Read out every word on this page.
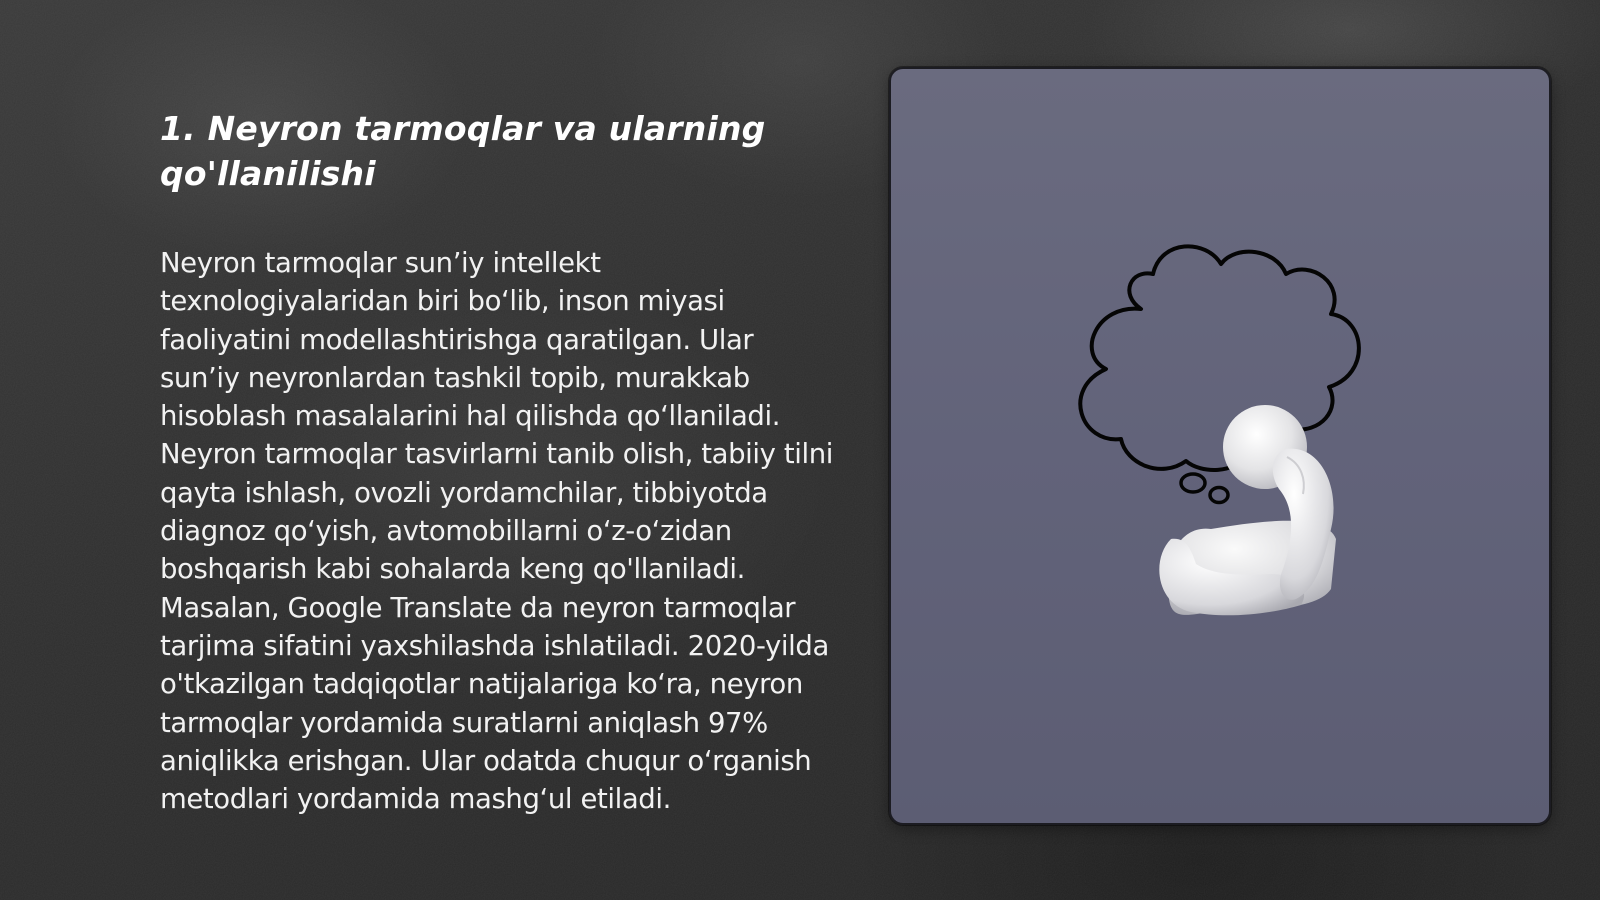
1. Neyron tarmoqlar va ularning qo'llanilishi

Neyron tarmoqlar sun’iy intellekt texnologiyalaridan biri bo‘lib, inson miyasi faoliyatini modellashtirishga qaratilgan. Ular sun’iy neyronlardan tashkil topib, murakkab hisoblash masalalarini hal qilishda qo‘llaniladi. Neyron tarmoqlar tasvirlarni tanib olish, tabiiy tilni qayta ishlash, ovozli yordamchilar, tibbiyotda diagnoz qo‘yish, avtomobillarni o‘z-o‘zidan boshqarish kabi sohalarda keng qo'llaniladi. Masalan, Google Translate da neyron tarmoqlar tarjima sifatini yaxshilashda ishlatiladi. 2020-yilda o'tkazilgan tadqiqotlar natijalariga ko‘ra, neyron tarmoqlar yordamida suratlarni aniqlash 97% aniqlikka erishgan. Ular odatda chuqur o‘rganish metodlari yordamida mashg‘ul etiladi.
